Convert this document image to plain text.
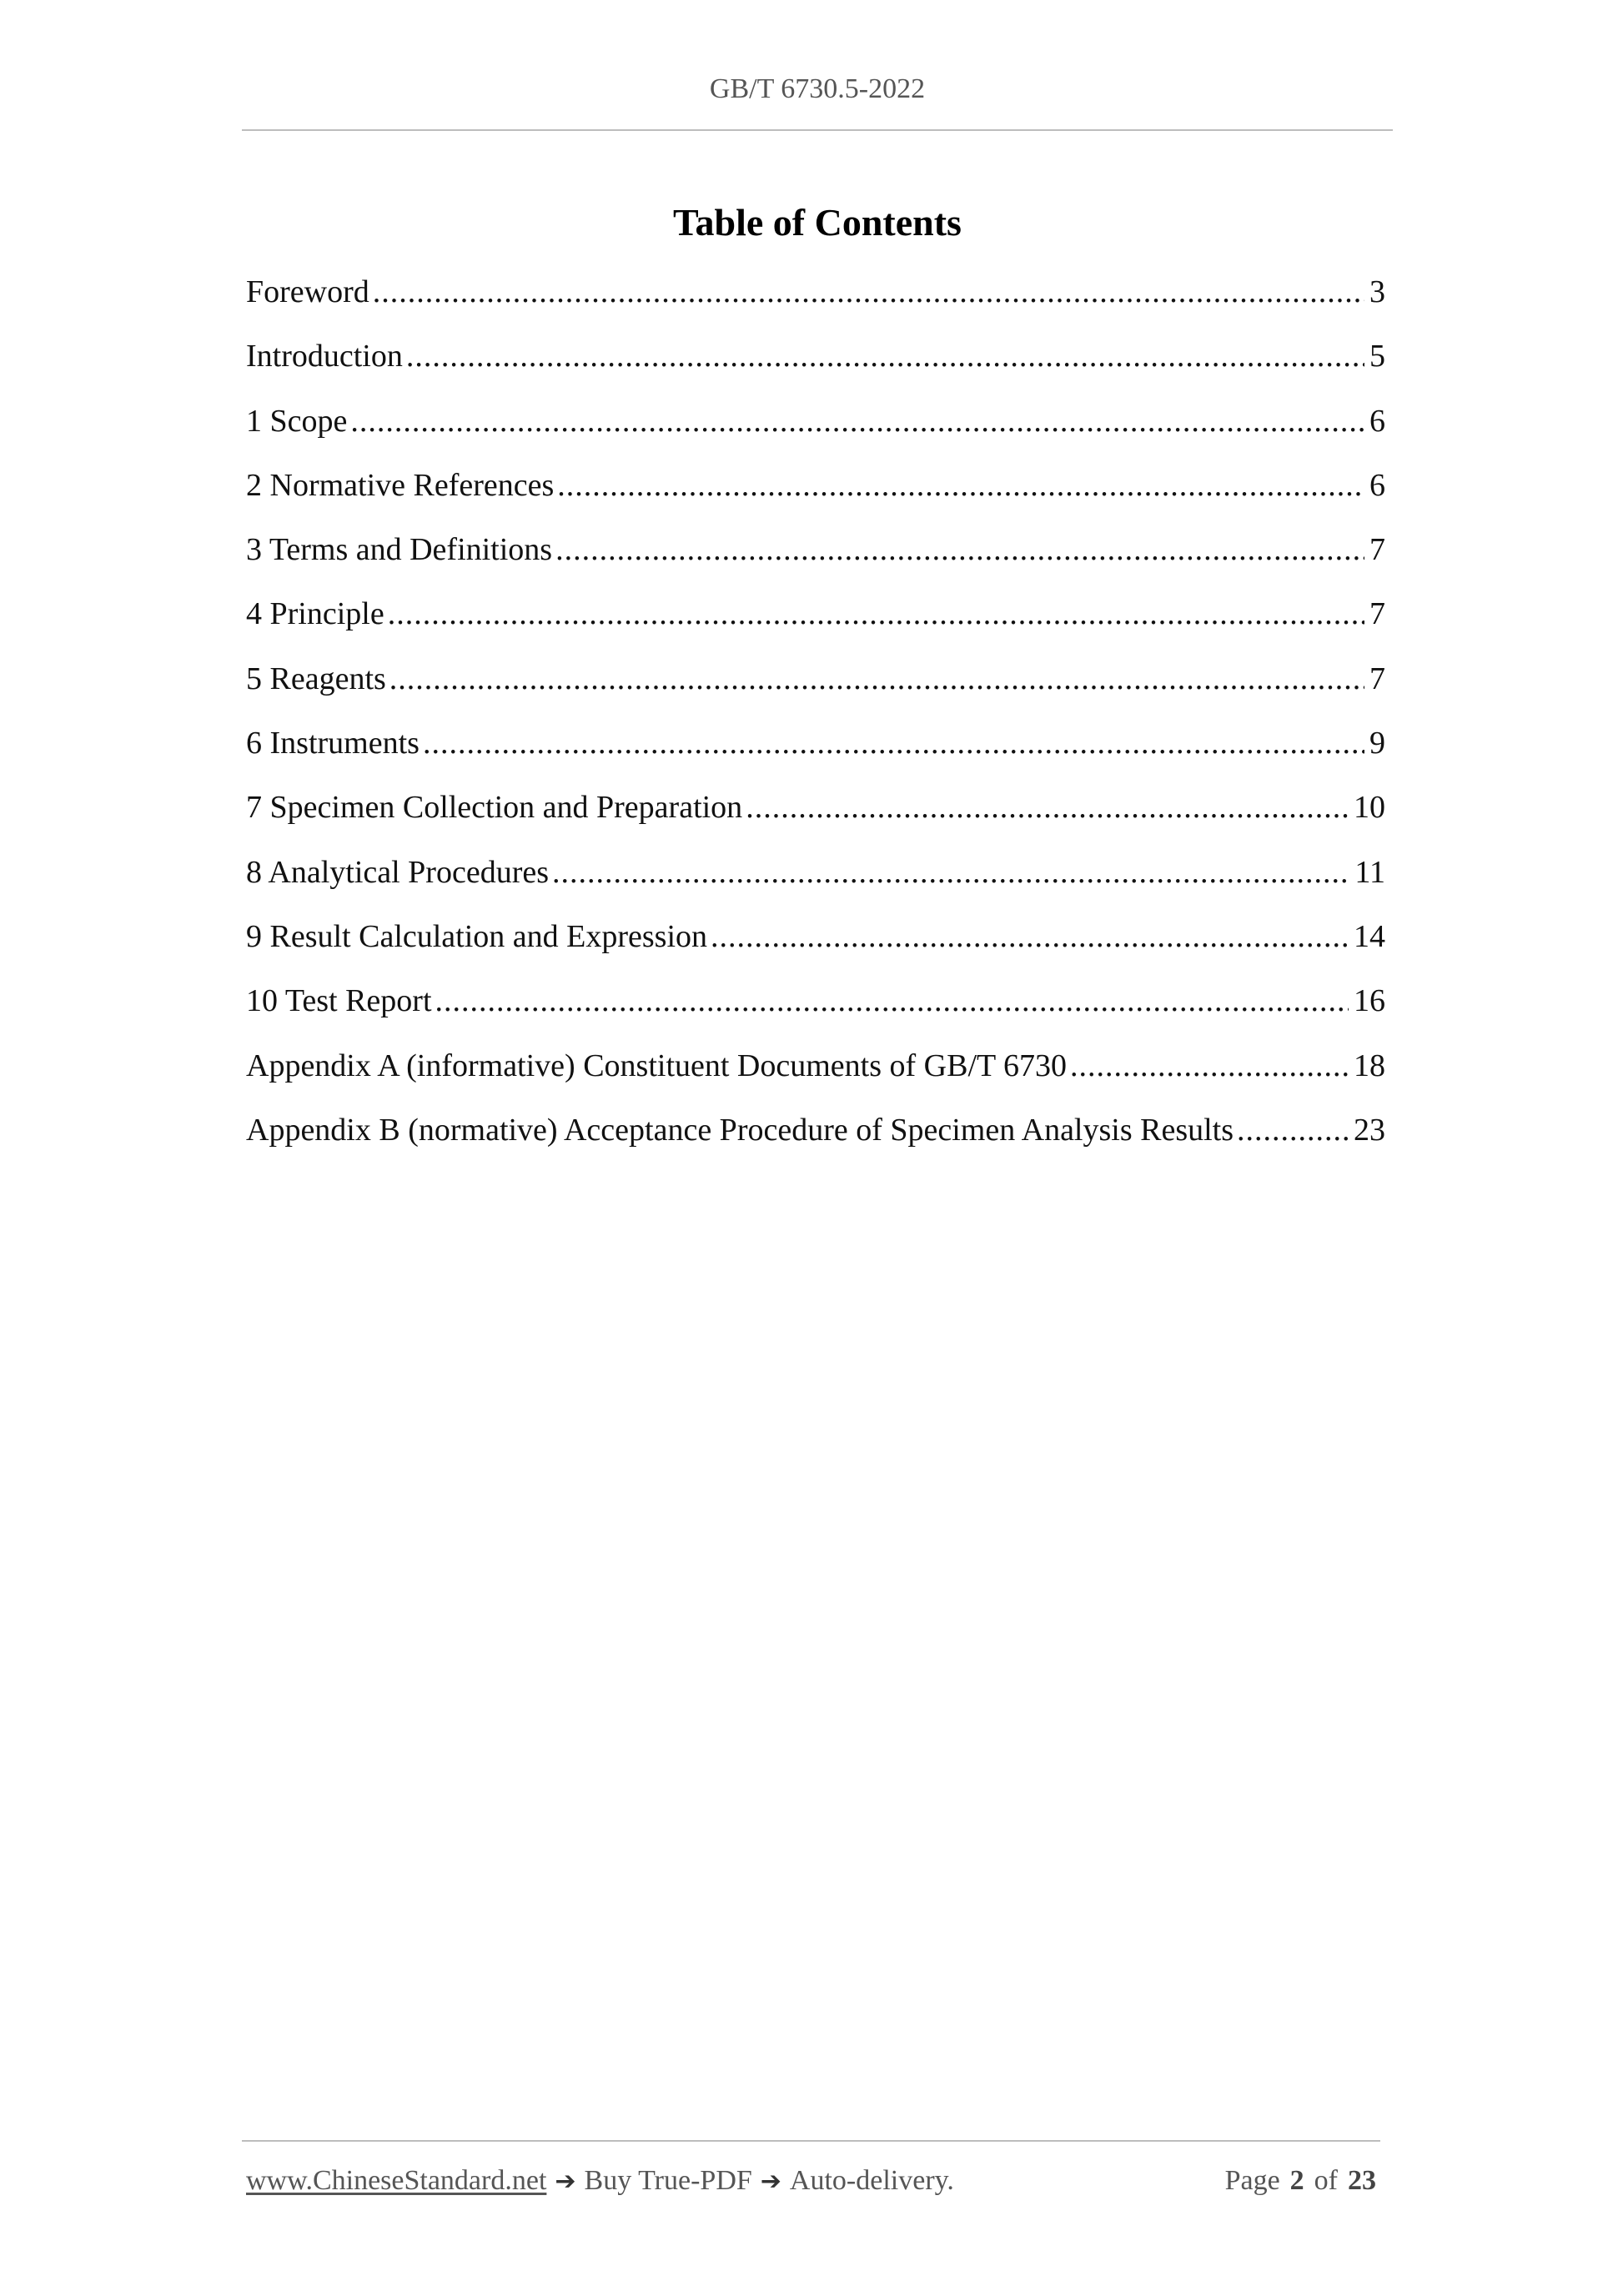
GB/T 6730.5-2022
Table of Contents
Foreword .....	3
Introduction .....	5
1 Scope .....	6
2 Normative References .....	6
3 Terms and Definitions .....	7
4 Principle .....	7
5 Reagents .....	7
6 Instruments .....	9
7 Specimen Collection and Preparation .....	10
8 Analytical Procedures .....	11
9 Result Calculation and Expression .....	14
10 Test Report .....	16
Appendix A (informative) Constituent Documents of GB/T 6730 .....	18
Appendix B (normative) Acceptance Procedure of Specimen Analysis Results .....	23
www.ChineseStandard.net ➔ Buy True-PDF ➔ Auto-delivery.	Page 2 of 23
